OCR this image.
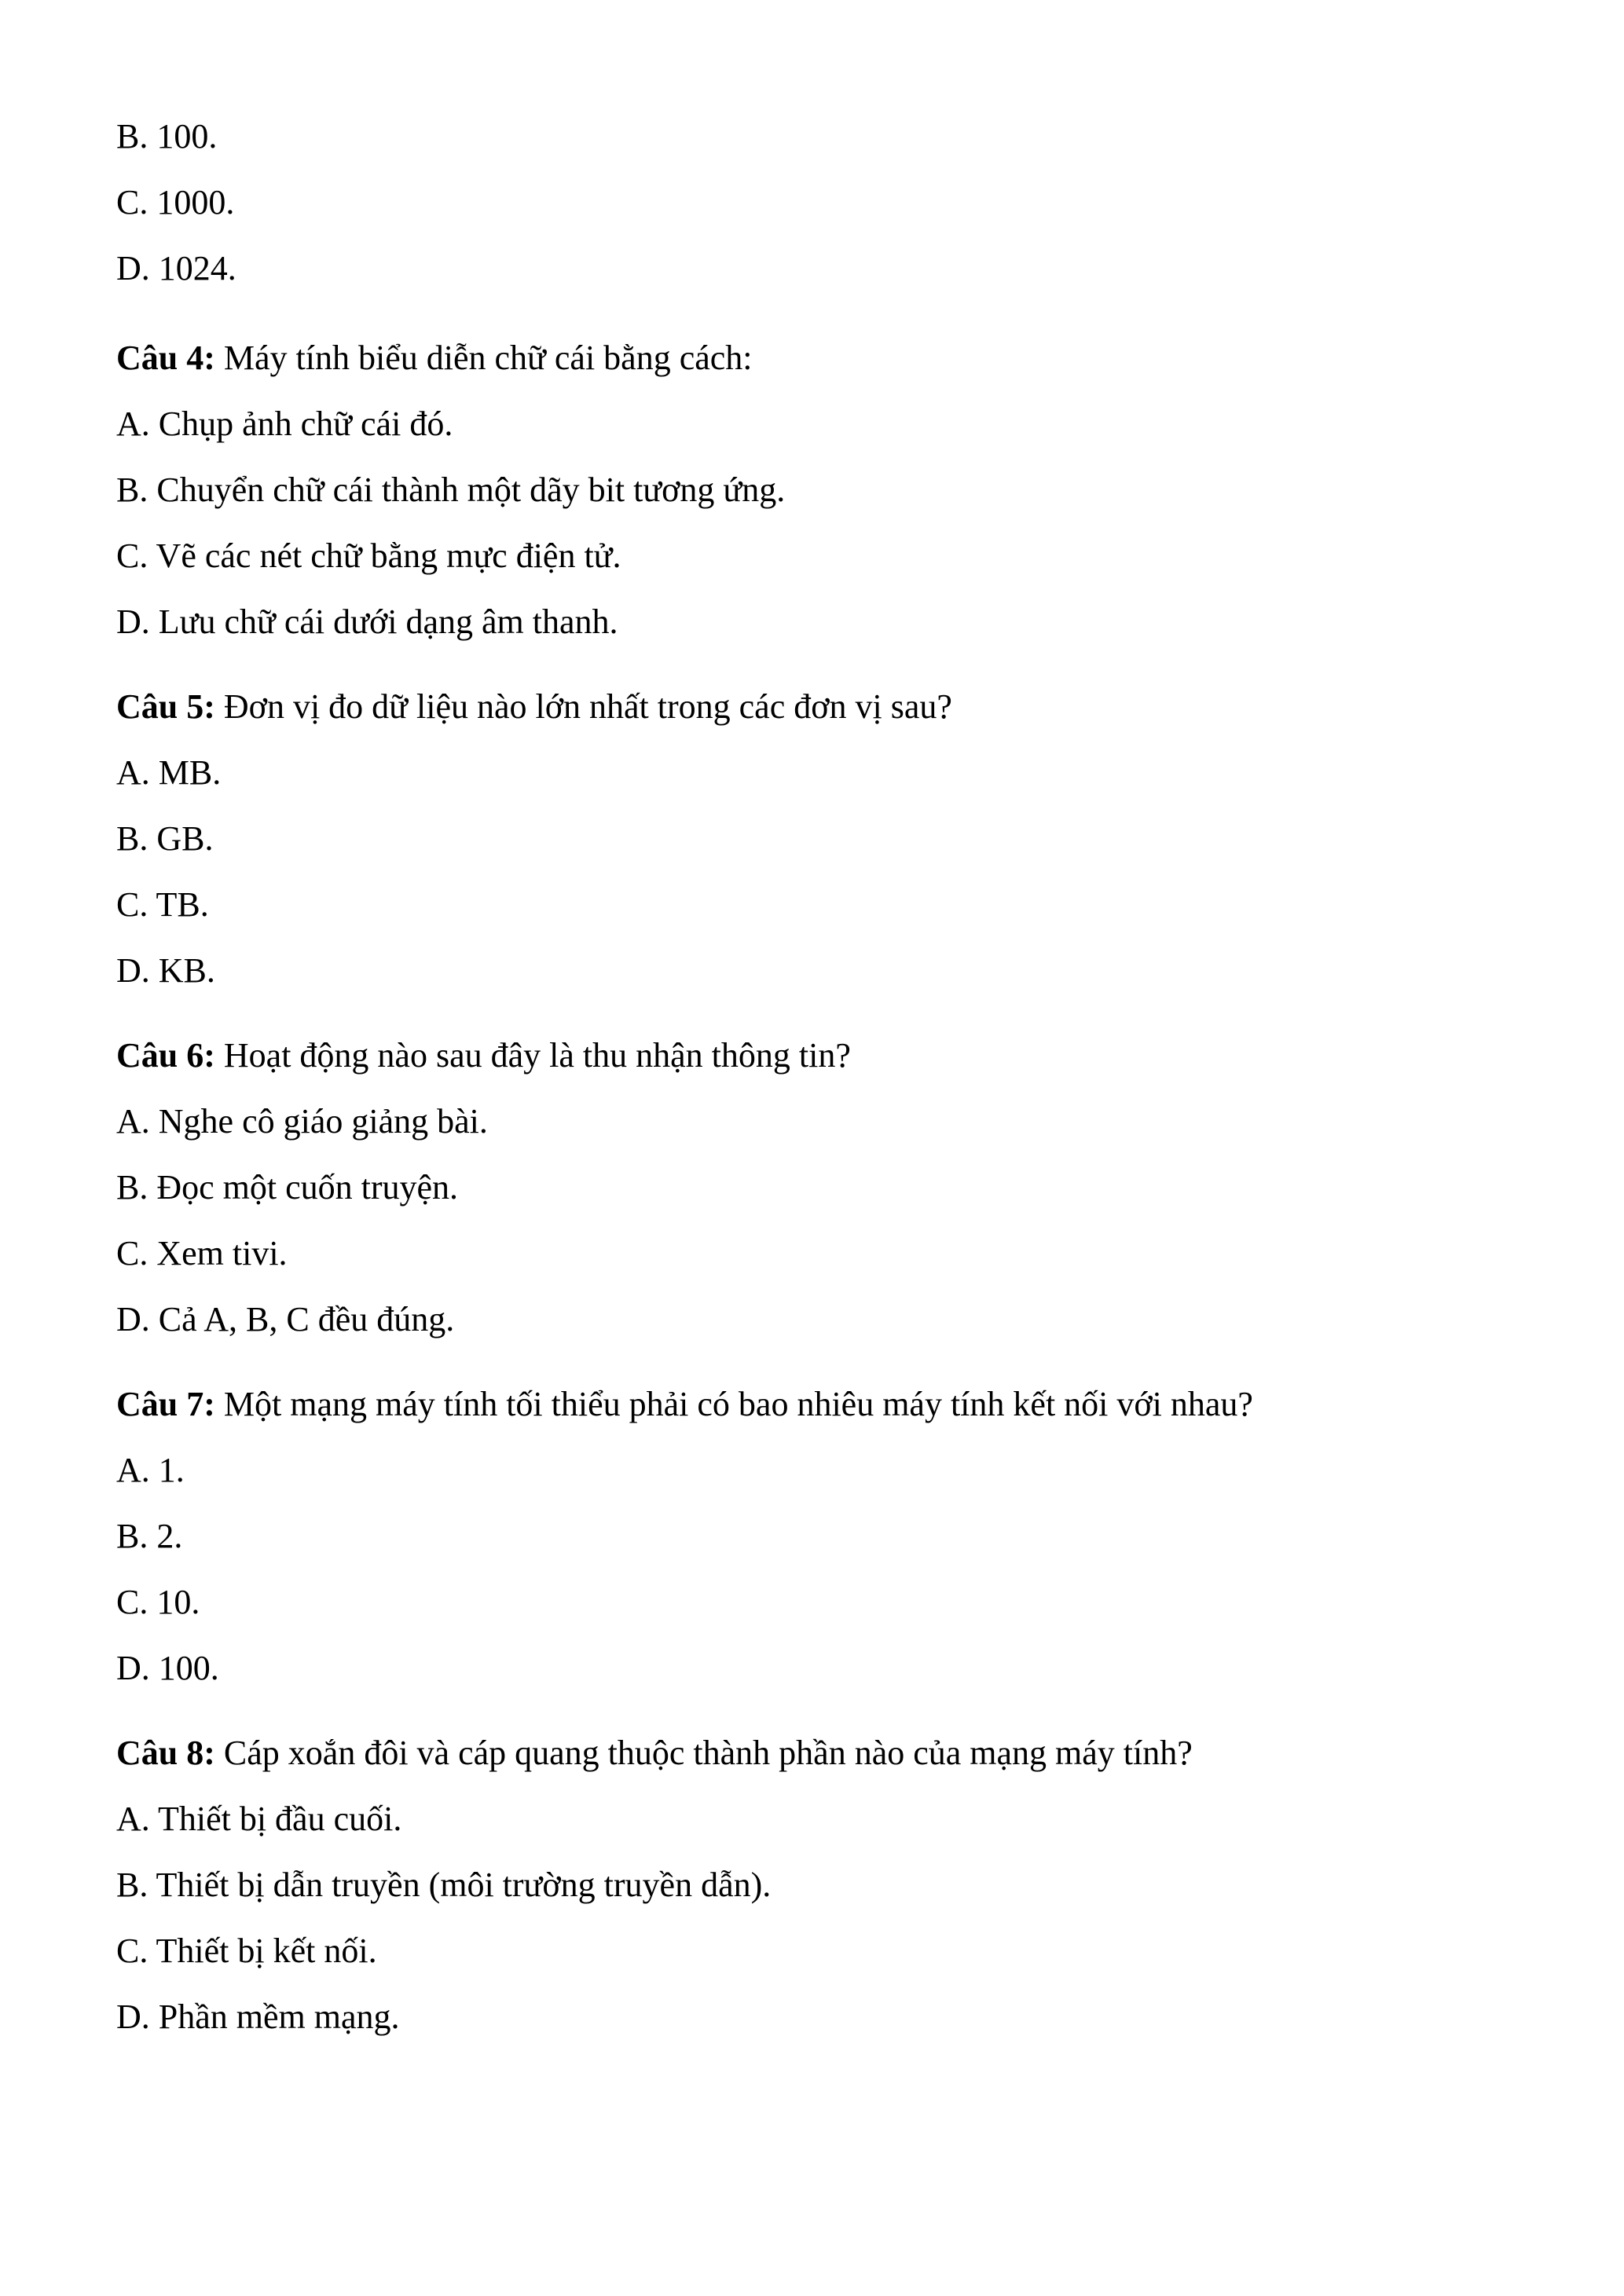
B. 100.
C. 1000.
D. 1024.
Câu 4: Máy tính biểu diễn chữ cái bằng cách:
A. Chụp ảnh chữ cái đó.
B. Chuyển chữ cái thành một dãy bit tương ứng.
C. Vẽ các nét chữ bằng mực điện tử.
D. Lưu chữ cái dưới dạng âm thanh.
Câu 5: Đơn vị đo dữ liệu nào lớn nhất trong các đơn vị sau?
A. MB.
B. GB.
C. TB.
D. KB.
Câu 6: Hoạt động nào sau đây là thu nhận thông tin?
A. Nghe cô giáo giảng bài.
B. Đọc một cuốn truyện.
C. Xem tivi.
D. Cả A, B, C đều đúng.
Câu 7: Một mạng máy tính tối thiểu phải có bao nhiêu máy tính kết nối với nhau?
A. 1.
B. 2.
C. 10.
D. 100.
Câu 8: Cáp xoắn đôi và cáp quang thuộc thành phần nào của mạng máy tính?
A. Thiết bị đầu cuối.
B. Thiết bị dẫn truyền (môi trường truyền dẫn).
C. Thiết bị kết nối.
D. Phần mềm mạng.
